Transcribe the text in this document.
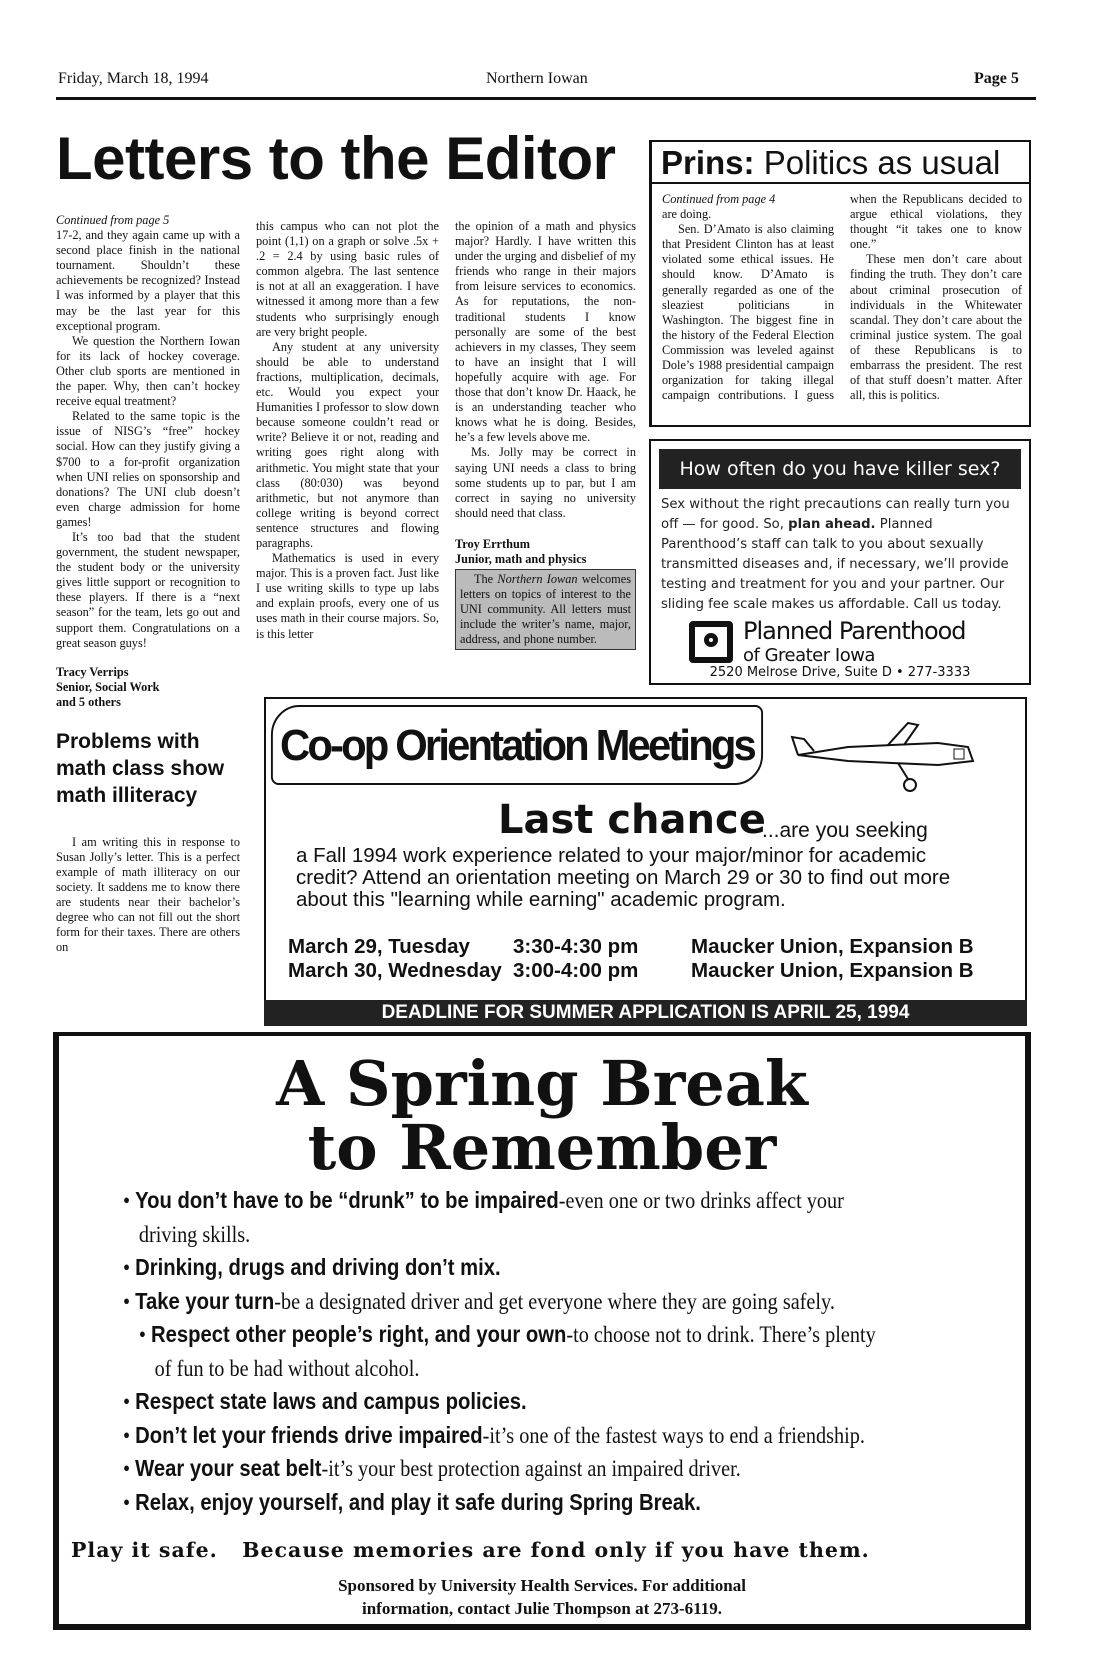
Friday, March 18, 1994	Northern Iowan	Page 5
Letters to the Editor
Continued from page 5

17-2, and they again came up with a second place finish in the national tournament. Shouldn’t these achievements be recognized? Instead I was informed by a player that this may be the last year for this exceptional program.

We question the Northern Iowan for its lack of hockey coverage. Other club sports are mentioned in the paper. Why, then can’t hockey receive equal treatment?

Related to the same topic is the issue of NISG’s “free” hockey social. How can they justify giving a $700 to a for-profit organization when UNI relies on sponsorship and donations? The UNI club doesn’t even charge admission for home games!

It’s too bad that the student government, the student newspaper, the student body or the university gives little support or recognition to these players. If there is a “next season” for the team, lets go out and support them. Congratulations on a great season guys!

Tracy Verrips
Senior, Social Work
and 5 others
Problems with math class show math illiteracy

I am writing this in response to Susan Jolly’s letter. This is a perfect example of math illiteracy on our society. It saddens me to know there are students near their bachelor’s degree who can not fill out the short form for their taxes. There are others on

this campus who can not plot the point (1,1) on a graph or solve .5x + .2 = 2.4 by using basic rules of common algebra. The last sentence is not at all an exaggeration. I have witnessed it among more than a few students who surprisingly enough are very bright people.

Any student at any university should be able to understand fractions, multiplication, decimals, etc. Would you expect your Humanities I professor to slow down because someone couldn’t read or write? Believe it or not, reading and writing goes right along with arithmetic. You might state that your class (80:030) was beyond arithmetic, but not anymore than college writing is beyond correct sentence structures and flowing paragraphs.

Mathematics is used in every major. This is a proven fact. Just like I use writing skills to type up labs and explain proofs, every one of us uses math in their course majors. So, is this letter

the opinion of a math and physics major? Hardly. I have written this under the urging and disbelief of my friends who range in their majors from leisure services to economics. As for reputations, the non-traditional students I know personally are some of the best achievers in my classes, They seem to have an insight that I will hopefully acquire with age. For those that don’t know Dr. Haack, he is an understanding teacher who knows what he is doing. Besides, he’s a few levels above me.

Ms. Jolly may be correct in saying UNI needs a class to bring some students up to par, but I am correct in saying no university should need that class.

Troy Errthum
Junior, math and physics
The Northern Iowan welcomes letters on topics of interest to the UNI community. All letters must include the writer’s name, major, address, and phone number.
Prins: Politics as usual
Continued from page 4

are doing.

Sen. D’Amato is also claiming that President Clinton has at least violated some ethical issues. He should know. D’Amato is generally regarded as one of the sleaziest politicians in Washington. The biggest fine in the history of the Federal Election Commission was leveled against Dole’s 1988 presidential campaign organization for taking illegal campaign contributions. I guess when the Republicans decided to argue ethical violations, they thought “it takes one to know one.”

These men don’t care about finding the truth. They don’t care about criminal prosecution of individuals in the Whitewater scandal. They don’t care about the criminal justice system. The goal of these Republicans is to embarrass the president. The rest of that stuff doesn’t matter. After all, this is politics.

How often do you have killer sex?
Sex without the right precautions can really turn you off — for good. So, plan ahead. Planned Parenthood’s staff can talk to you about sexually transmitted diseases and, if necessary, we’ll provide testing and treatment for you and your partner. Our sliding fee scale makes us affordable. Call us today.
Planned Parenthood
of Greater Iowa
2520 Melrose Drive, Suite D • 277-3333
Co-op Orientation Meetings
Last chance
...are you seeking
a Fall 1994 work experience related to your major/minor for academic credit? Attend an orientation meeting on March 29 or 30 to find out more about this "learning while earning" academic program.
March 29, Tuesday	3:30-4:30 pm	Maucker Union, Expansion B
March 30, Wednesday 3:00-4:00 pm	Maucker Union, Expansion B
DEADLINE FOR SUMMER APPLICATION IS APRIL 25, 1994
A Spring Break
to Remember
• You don’t have to be “drunk” to be impaired-even one or two drinks affect your driving skills.
• Drinking, drugs and driving don’t mix.
• Take your turn-be a designated driver and get everyone where they are going safely.
• Respect other people’s right, and your own-to choose not to drink. There’s plenty of fun to be had without alcohol.
• Respect state laws and campus policies.
• Don’t let your friends drive impaired-it’s one of the fastest ways to end a friendship.
• Wear your seat belt-it’s your best protection against an impaired driver.
• Relax, enjoy yourself, and play it safe during Spring Break.
Play it safe. Because memories are fond only if you have them.
Sponsored by University Health Services. For additional
information, contact Julie Thompson at 273-6119.
